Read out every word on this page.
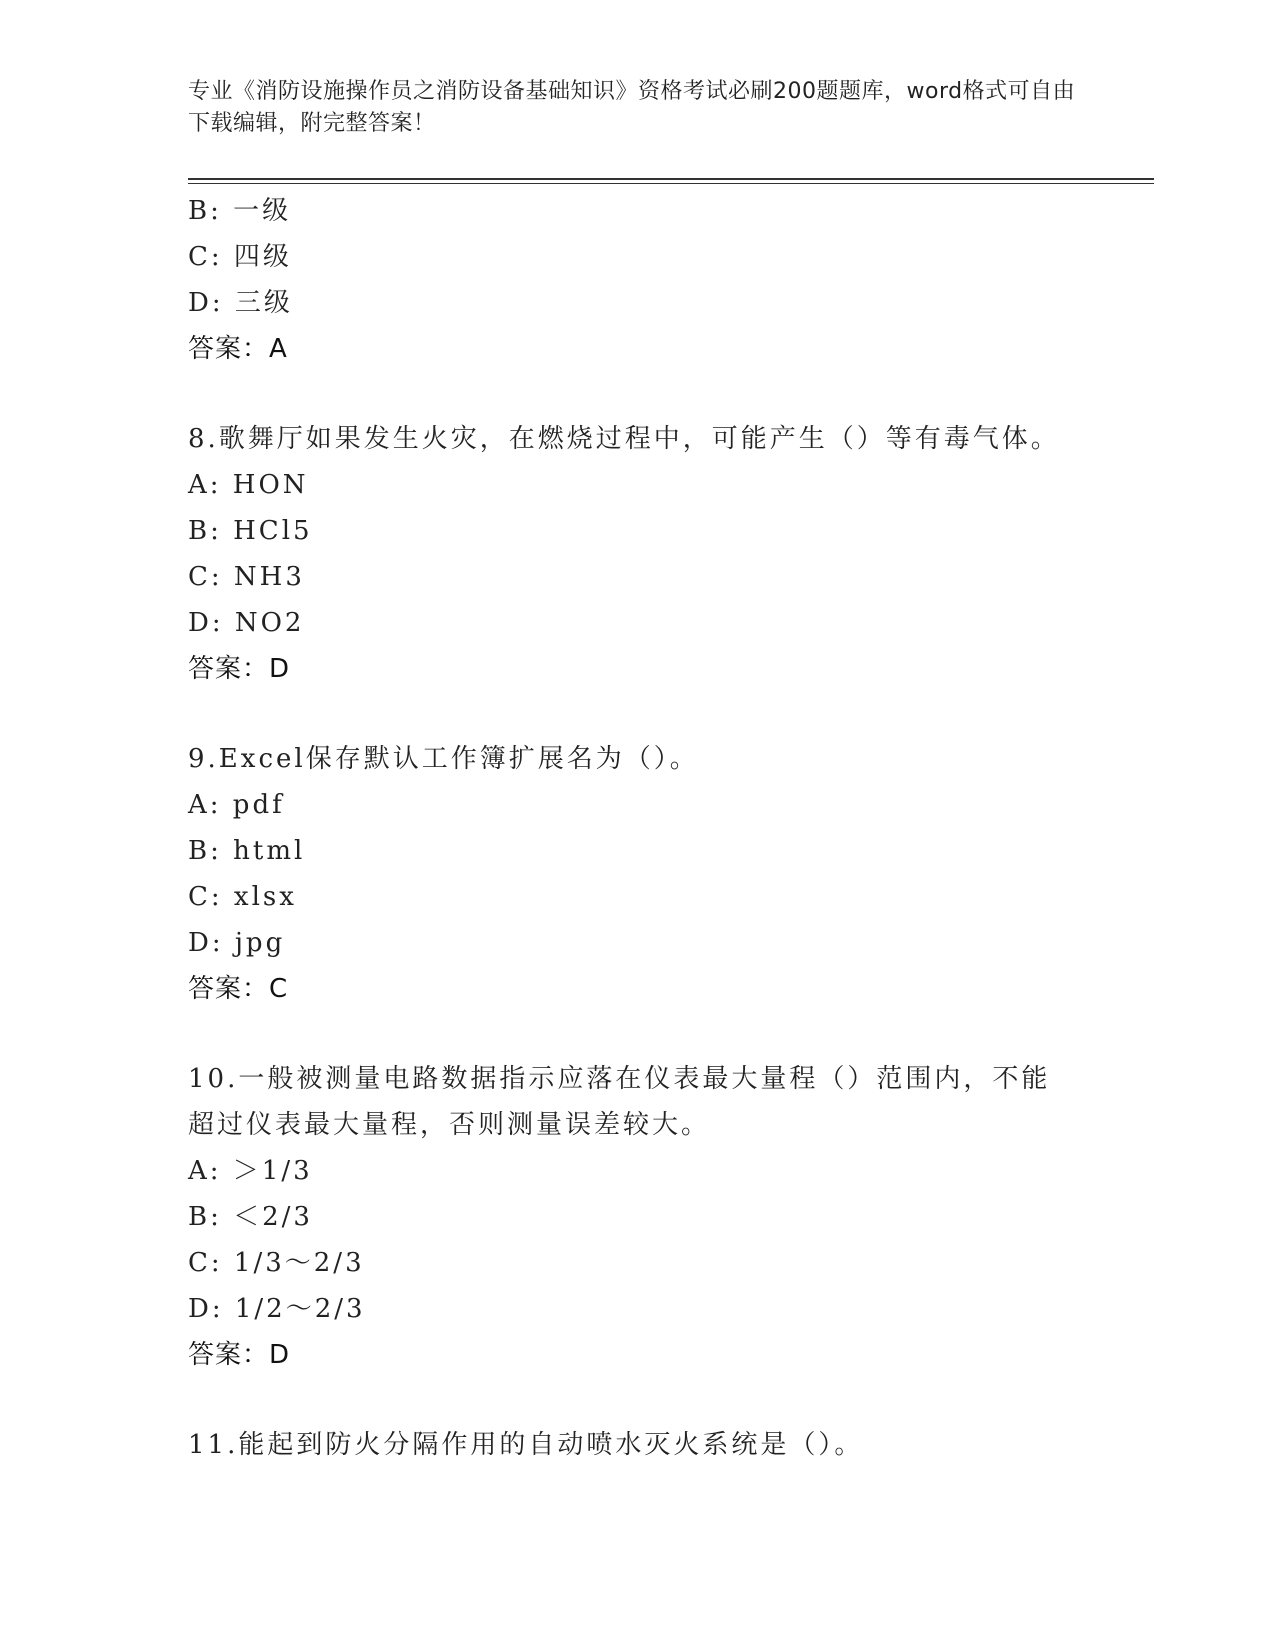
专业《消防设施操作员之消防设备基础知识》资格考试必刷200题题库，word格式可自由下载编辑，附完整答案！
B: 一级
C: 四级
D: 三级
答案：A
8.歌舞厅如果发生火灾，在燃烧过程中，可能产生（）等有毒气体。
A: HON
B: HCl5
C: NH3
D: NO2
答案：D
9.Excel保存默认工作簿扩展名为（）。
A: pdf
B: html
C: xlsx
D: jpg
答案：C
10.一般被测量电路数据指示应落在仪表最大量程（）范围内，不能超过仪表最大量程，否则测量误差较大。
A: ＞1/3
B: ＜2/3
C: 1/3～2/3
D: 1/2～2/3
答案：D
11.能起到防火分隔作用的自动喷水灭火系统是（）。
